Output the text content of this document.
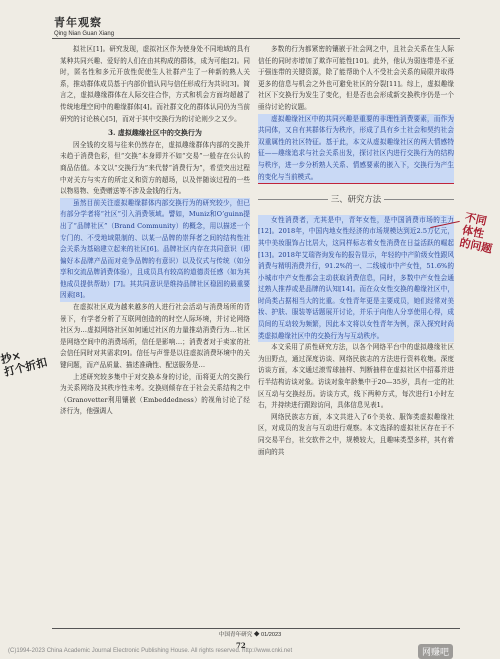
青年观察
Qing Nian Guan Xiang

拟社区[1]。研究发现，虚拟社区作为使身处不同地域的具有某种共同兴趣、爱好的人们在由其构成的群体，成为可能[2]。同时，匿名性和多元开放性促使生人社群产生了一种新的熟人关系，推动群体成员基于内部价值认同与信任形成行为共识[3]。简言之，虚拟趣缘群体在人际交往合作，方式和机会方面均超越了传统地理空间中的趣缘群体[4]。而社群文化的群体认同仍为当前研究的讨论核心[5]，而对于其中交换行为的讨论则少之又少。

3. 虚拟趣缘社区中的交换行为

因全钱的交易与往来仍然存在，虚拟趣缘群体内部的交换并未趋于消费色彩，但“交换”本身即并不如“交易”一般存在公认的商品估值。本文以“交换行为”来代替“消费行为”，希望突出过程中对关方与实方的所定义和资方的超场，以及伴随该过程的一些以物易物、免费赠送等不涉及金钱的行为。

虽然目前关注虚拟趣缘群体内部交换行为的研究较少，但已有部分学者将“社区”引入消费领域。譬如，Muniz和O’guinn提出了“品牌社区”（Brand Community）的概念，用以描述一个专门的、不受地域限制的、以某一品牌的崇拜者之间的结构性社会关系为基础建立起来的社区[6]。品牌社区内存在共同意识（即偏好本品牌产品而对竞争品牌的有意识）以及仪式与传统（如分享和交流品牌消费体验），且成员具有较高的道德责任感（如为其他成员提供帮助）[7]。其共同意识是维持品牌社区稳固的最重要因素[8]。

在虚拟社区成为越来越多的人进行社会活动与消费场所的背景下，有学者分析了互联网创造的的时空人际环境，并讨论网络社区为…虚拟网络社区如何通过社区的力量推动消费行为…社区是网络空间中的消费场所，信任是影响…；消费者对于卖家的社会信任同时对其需求[9]。信任与声誉是以往虚拟消费环境中的关键问题，而产品质量、描述准确性、配送服务是…

上述研究较多集中于对交换本身的讨论，而将更大的交换行为关系网络及其秩序性未考。交换则倾存在于社会关系结构之中（Granovetter利用镶嵌（Embeddedness）的视角讨论了经济行为，他强调人

多数的行为都紧密的镶嵌于社会网之中，且社会关系在生人际信任的同时亦增加了欺诈可能性[10]。此外，他认为弱连带是不亚于强连带的关键资源，除了能帮助个人不受社会关系的局限并取得更多的信息与机会之外也可避免社区的分裂[11]。综上，虚拟趣缘社区下交换行为发生了变化，但是否也会形成新交换秩序仍是一个亟待讨论的议题。

虚拟趣缘社区中的共同兴趣是重要的非理性消费要素，而作为共同体，又自有其群体行为秩序，形成了具有乡土社会和契约社会双重属性的社区特征。基于此，本文从虚拟趣缘社区的两大情感特征——趣缘追求与社会关系出发，探讨社区内进行交换行为的结构与秩序，进一步分析熟人关系、情感要素的嵌入下，交换行为产生的变化与当前模式。

三、研究方法

女性消费者，尤其是中，青年女性，是中国消费市场的主力[12]。2018年，中国内地女性经济的市场规模达到近2.5万亿元，其中美妆服饰占比居大，这同样标志着女性消费在日益活跃的崛起[13]。2018年艾瑞咨询发布的报告显示，年轻的中产阶级女性跟风消费与精明消费并行，91.2%的一、二线城市中产女性，51.6%的小城市中产女性都会主动获取消费信息，同时，多数中产女性会通过熟人推荐或是品牌的认知[14]。而在众女性交换的趣缘社区中，时尚类占据相当大的比重。女性青年更是主要成员，她们经常对美妆、护肤、服装等话题展开讨论，并乐于向他人分享使用心得，成员间的互动较为频繁，因此本文将以女性青年为例，深入探究时尚类虚拟趣缘社区中的交换行为与互动秩序。

本文采用了质性研究方法，以各个网络平台中的虚拟趣缘社区为田野点，通过深度访谈、网络民族志的方法进行资料收集。深度访谈方面，本文通过滚雪球抽样、判断抽样在虚拟社区中招募并进行半结构访谈对象。访谈对象年龄集中于20—35岁，具有一定的社区互动与交换经历。访谈方式，线下两种方式，每次进行1小时左右，并持续进行跟踪访问，具体信息见表1。

网络民族志方面，本文共进入了6个美妆、服饰类虚拟趣缘社区，对成员的发言与互动进行观察。本文选择的虚拟社区存在于不同交易平台，社交软件之中，规模较大，且趣味类型多样，其有着面向的共

抄×
打个折扣
不同
体性
的问题
中国青年研究 ◆ 01/2023
72
(C)1994-2023 China Academic Journal Electronic Publishing House. All rights reserved. http://www.cnki.net	网赚吧
